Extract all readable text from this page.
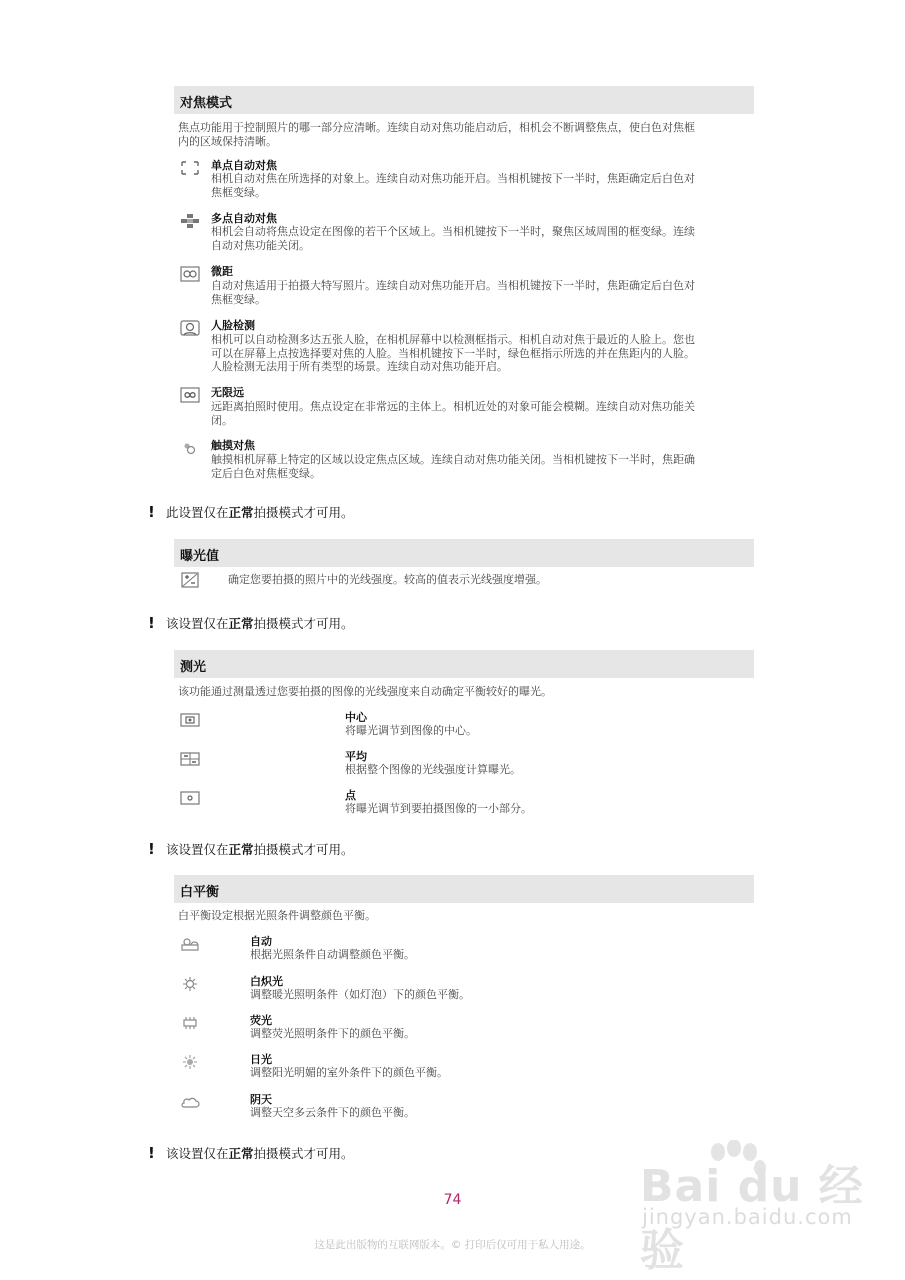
对焦模式
焦点功能用于控制照片的哪一部分应清晰。连续自动对焦功能启动后，相机会不断调整焦点，使白色对焦框
内的区域保持清晰。
单点自动对焦
相机自动对焦在所选择的对象上。连续自动对焦功能开启。当相机键按下一半时，焦距确定后白色对
焦框变绿。
多点自动对焦
相机会自动将焦点设定在图像的若干个区域上。当相机键按下一半时，聚焦区域周围的框变绿。连续
自动对焦功能关闭。
微距
自动对焦适用于拍摄大特写照片。连续自动对焦功能开启。当相机键按下一半时，焦距确定后白色对
焦框变绿。
人脸检测
相机可以自动检测多达五张人脸，在相机屏幕中以检测框指示。相机自动对焦于最近的人脸上。您也
可以在屏幕上点按选择要对焦的人脸。当相机键按下一半时，绿色框指示所选的并在焦距内的人脸。
人脸检测无法用于所有类型的场景。连续自动对焦功能开启。
无限远
远距离拍照时使用。焦点设定在非常远的主体上。相机近处的对象可能会模糊。连续自动对焦功能关
闭。
触摸对焦
触摸相机屏幕上特定的区域以设定焦点区域。连续自动对焦功能关闭。当相机键按下一半时，焦距确
定后白色对焦框变绿。
! 此设置仅在正常拍摄模式才可用。
曝光值
确定您要拍摄的照片中的光线强度。较高的值表示光线强度增强。
! 该设置仅在正常拍摄模式才可用。
测光
该功能通过测量透过您要拍摄的图像的光线强度来自动确定平衡较好的曝光。
中心
将曝光调节到图像的中心。
平均
根据整个图像的光线强度计算曝光。
点
将曝光调节到要拍摄图像的一小部分。
! 该设置仅在正常拍摄模式才可用。
白平衡
白平衡设定根据光照条件调整颜色平衡。
自动
根据光照条件自动调整颜色平衡。
白炽光
调整暖光照明条件（如灯泡）下的颜色平衡。
荧光
调整荧光照明条件下的颜色平衡。
日光
调整阳光明媚的室外条件下的颜色平衡。
阴天
调整天空多云条件下的颜色平衡。
! 该设置仅在正常拍摄模式才可用。
Bai du 经验
jingyan.baidu.com
74
这是此出版物的互联网版本。© 打印后仅可用于私人用途。
